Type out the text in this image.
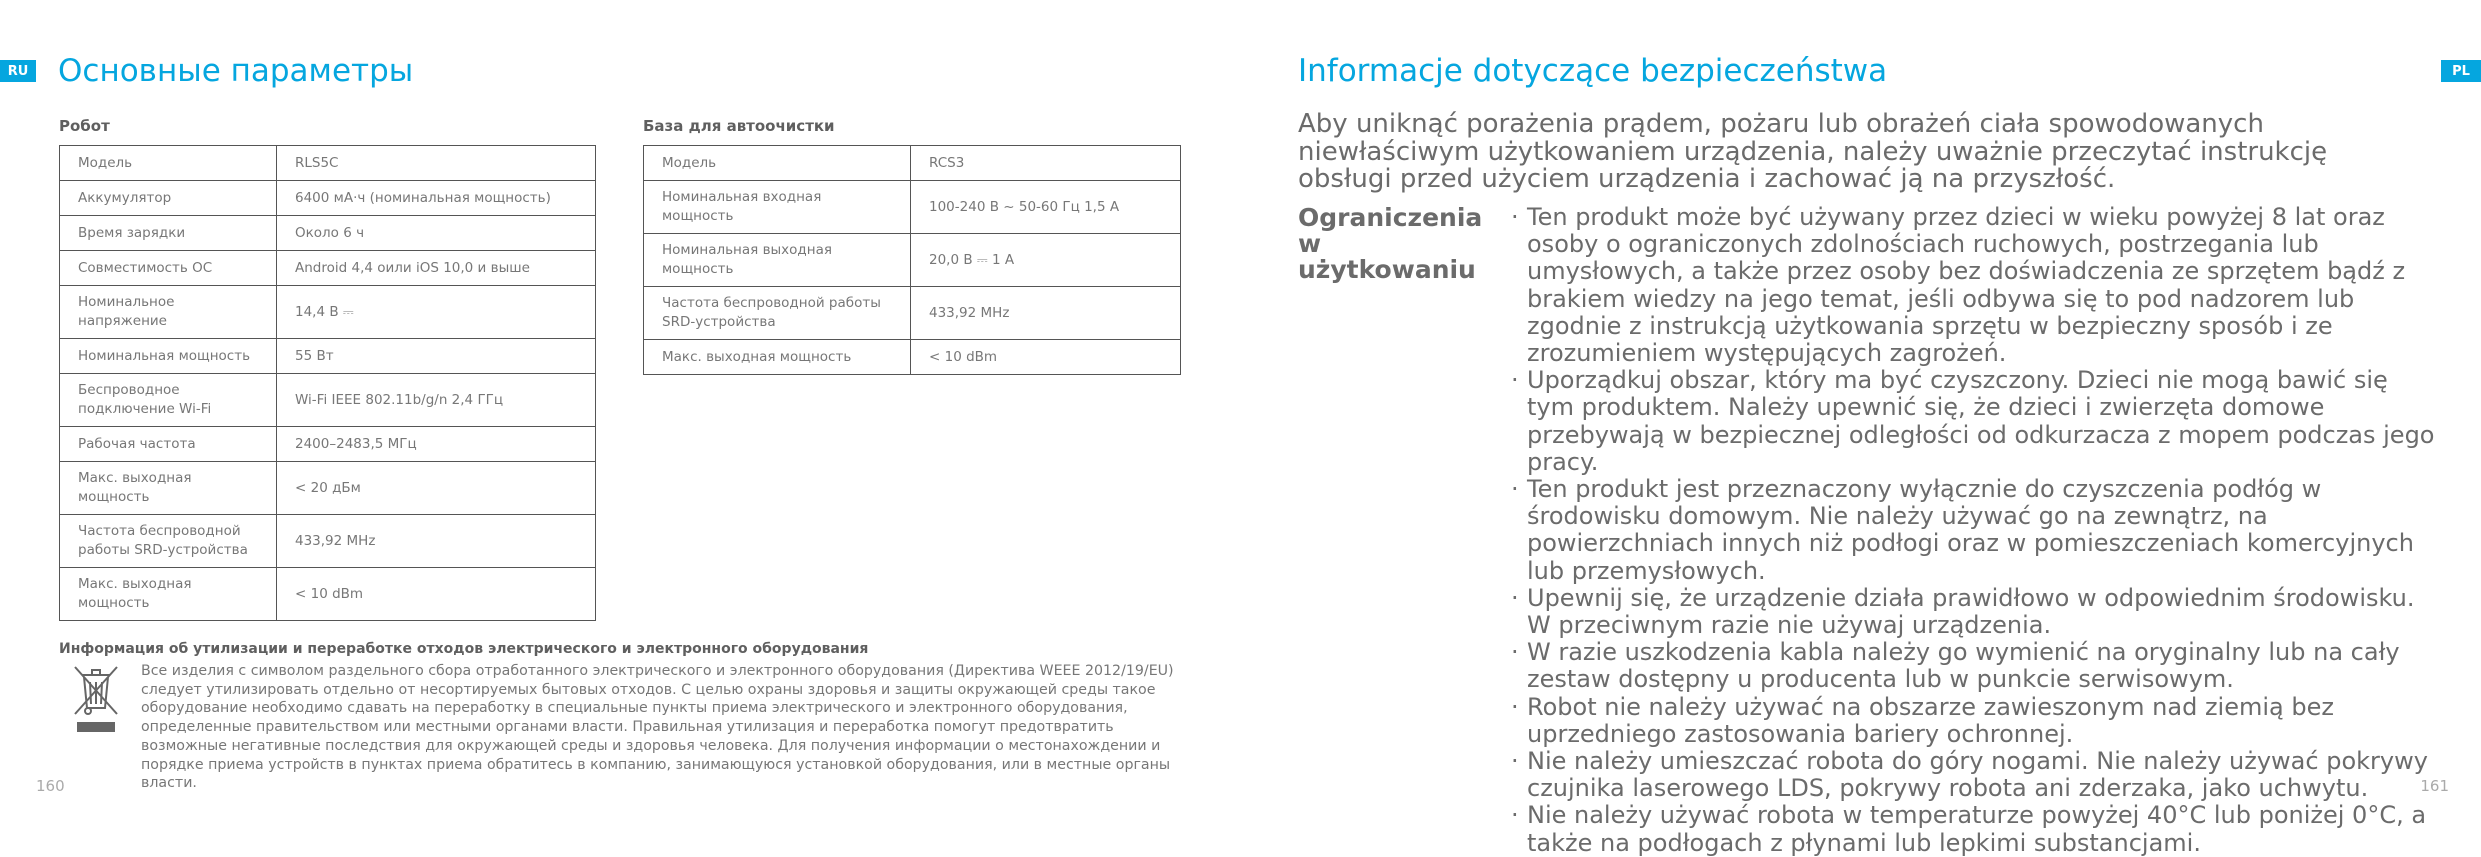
RU Основные параметры
Робот
Модель	RLS5C
Аккумулятор	6400 мА·ч (номинальная мощность)
Время зарядки	Около 6 ч
Совместимость ОС	Android 4,4 оили iOS 10,0 и выше
Номинальное напряжение	14,4 В ⎓
Номинальная мощность	55 Вт
Беспроводное подключение Wi-Fi	Wi-Fi IEEE 802.11b/g/n 2,4 ГГц
Рабочая частота	2400–2483,5 МГц
Макс. выходная мощность	< 20 дБм
Частота беспроводной работы SRD-устройства	433,92 MHz
Макс. выходная мощность	< 10 dBm
База для автоочистки
Модель	RCS3
Номинальная входная мощность	100-240 В ~ 50-60 Гц 1,5 А
Номинальная выходная мощность	20,0 В ⎓ 1 А
Частота беспроводной работы SRD-устройства	433,92 MHz
Макс. выходная мощность	< 10 dBm
Информация об утилизации и переработке отходов электрического и электронного оборудования

Все изделия с символом раздельного сбора отработанного электрического и электронного оборудования (Директива WEEE 2012/19/EU) следует утилизировать отдельно от несортируемых бытовых отходов. С целью охраны здоровья и защиты окружающей среды такое оборудование необходимо сдавать на переработку в специальные пункты приема электрического и электронного оборудования, определенные правительством или местными органами власти. Правильная утилизация и переработка помогут предотвратить возможные негативные последствия для окружающей среды и здоровья человека. Для получения информации о местонахождении и порядке приема устройств в пунктах приема обратитесь в компанию, занимающуюся установкой оборудования, или в местные органы власти.

160
PL
Informacje dotyczące bezpieczeństwa

Aby uniknąć porażenia prądem, pożaru lub obrażeń ciała spowodowanych niewłaściwym użytkowaniem urządzenia, należy uważnie przeczytać instrukcję obsługi przed użyciem urządzenia i zachować ją na przyszłość.

Ograniczenia w użytkowaniu
· Ten produkt może być używany przez dzieci w wieku powyżej 8 lat oraz osoby o ograniczonych zdolnościach ruchowych, postrzegania lub umysłowych, a także przez osoby bez doświadczenia ze sprzętem bądź z brakiem wiedzy na jego temat, jeśli odbywa się to pod nadzorem lub zgodnie z instrukcją użytkowania sprzętu w bezpieczny sposób i ze zrozumieniem występujących zagrożeń.
· Uporządkuj obszar, który ma być czyszczony. Dzieci nie mogą bawić się tym produktem. Należy upewnić się, że dzieci i zwierzęta domowe przebywają w bezpiecznej odległości od odkurzacza z mopem podczas jego pracy.
· Ten produkt jest przeznaczony wyłącznie do czyszczenia podłóg w środowisku domowym. Nie należy używać go na zewnątrz, na powierzchniach innych niż podłogi oraz w pomieszczeniach komercyjnych lub przemysłowych.
· Upewnij się, że urządzenie działa prawidłowo w odpowiednim środowisku. W przeciwnym razie nie używaj urządzenia.
· W razie uszkodzenia kabla należy go wymienić na oryginalny lub na cały zestaw dostępny u producenta lub w punkcie serwisowym.
· Robot nie należy używać na obszarze zawieszonym nad ziemią bez uprzedniego zastosowania bariery ochronnej.
· Nie należy umieszczać robota do góry nogami. Nie należy używać pokrywy czujnika laserowego LDS, pokrywy robota ani zderzaka, jako uchwytu.
· Nie należy używać robota w temperaturze powyżej 40°C lub poniżej 0°C, a także na podłogach z płynami lub lepkimi substancjami.
161
